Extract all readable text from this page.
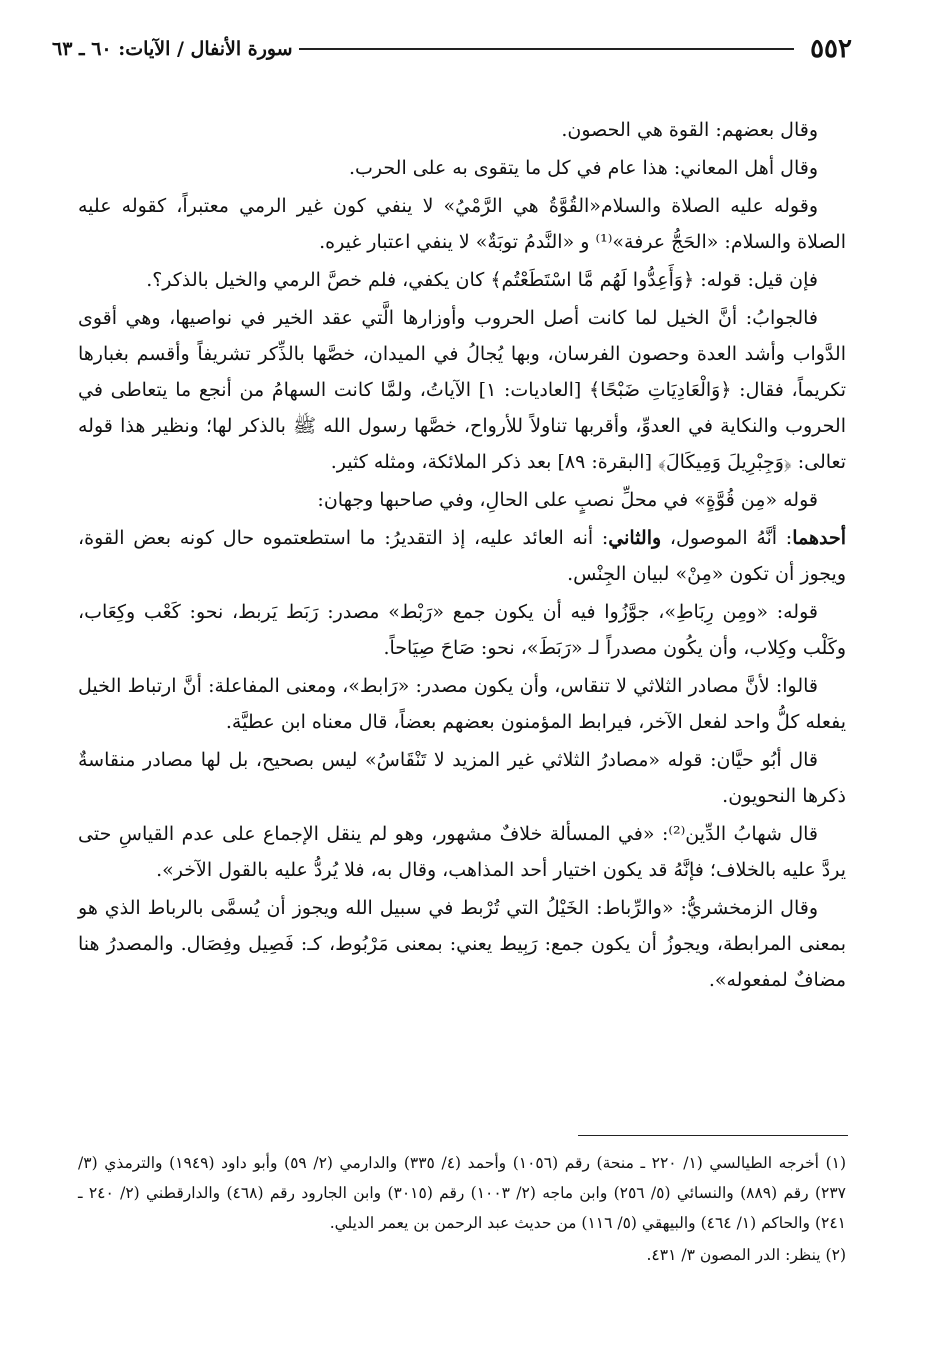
٥٥٢
سورة الأنفال / الآيات: ٦٠ ـ ٦٣

وقال بعضهم: القوة هي الحصون.

وقال أهل المعاني: هذا عام في كل ما يتقوى به على الحرب.

وقوله عليه الصلاة والسلام«القُوَّةُ هي الرَّمْيُ» لا ينفي كون غير الرمي معتبراً، كقوله عليه الصلاة والسلام: «الحَجُّ عرفة»⁽¹⁾ و «النَّدمُ توبَةٌ» لا ينفي اعتبار غيره.

فإن قيل: قوله: ﴿وَأَعِدُّوا لَهُم مَّا اسْتَطَعْتُم﴾ كان يكفي، فلم خصَّ الرمي والخيل بالذكر؟.

فالجوابُ: أنَّ الخيل لما كانت أصل الحروب وأوزارها الَّتي عقد الخير في نواصيها، وهي أقوى الدَّواب وأشد العدة وحصون الفرسان، وبها يُجالُ في الميدان، خصَّها بالذِّكر تشريفاً وأقسم بغبارها تكريماً، فقال: ﴿وَالْعَادِيَاتِ ضَبْحًا﴾ [العاديات: ١] الآياتُ، ولمَّا كانت السهامُ من أنجع ما يتعاطى في الحروب والنكاية في العدوِّ، وأقربها تناولاً للأرواح، خصَّها رسول الله ﷺ بالذكر لها؛ ونظير هذا قوله تعالى: ﴿وَجِبْرِيلَ وَمِيكَالَ﴾ [البقرة: ٨٩] بعد ذكر الملائكة، ومثله كثير.

قوله «مِن قُوَّةٍ» في محلِّ نصبٍ على الحالِ، وفي صاحبها وجهان:

أحدهما: أنَّهُ الموصول، والثاني: أنه العائد عليه، إذ التقديرُ: ما استطعتموه حال كونه بعض القوة، ويجوز أن تكون «مِنْ» لبيان الجِنْس.

قوله: «ومِن رِبَاطِ»، جوَّزُوا فيه أن يكون جمع «رَبْط» مصدر: رَبَط يَربط، نحو: كَعْب وكِعَاب، وكَلْب وكِلاب، وأن يكُون مصدراً لـ «رَبَطَ»، نحو: صَاحَ صِيَاحاً.

قالوا: لأنَّ مصادر الثلاثي لا تنقاس، وأن يكون مصدر: «رَابط»، ومعنى المفاعلة: أنَّ ارتباط الخيل يفعله كلُّ واحد لفعل الآخر، فيرابط المؤمنون بعضهم بعضاً، قال معناه ابن عطيَّة.

قال أبُو حيَّان: قوله «مصادرُ الثلاثي غير المزيد لا تَنْقَاسُ» ليس بصحيح، بل لها مصادر منقاسةٌ ذكرها النحويون.

قال شهابُ الدِّين⁽²⁾: «في المسألة خلافٌ مشهور، وهو لم ينقل الإجماع على عدم القياسِ حتى يردَّ عليه بالخلاف؛ فإنَّهُ قد يكون اختيار أحد المذاهب، وقال به، فلا يُردُّ عليه بالقول الآخر».

وقال الزمخشريُّ: «والرِّباط: الخَيْلُ التي تُرْبط في سبيل الله ويجوز أن يُسمَّى بالرباط الذي هو بمعنى المرابطة، ويجوزُ أن يكون جمع: رَبِيط يعني: بمعنى مَرْبُوط، كـ: فَصِيل وفِصَال. والمصدرُ هنا مضافٌ لمفعوله».

(١) أخرجه الطيالسي (١/ ٢٢٠ ـ منحة) رقم (١٠٥٦) وأحمد (٤/ ٣٣٥) والدارمي (٢/ ٥٩) وأبو داود (١٩٤٩) والترمذي (٣/ ٢٣٧) رقم (٨٨٩) والنسائي (٥/ ٢٥٦) وابن ماجه (٢/ ١٠٠٣) رقم (٣٠١٥) وابن الجارود رقم (٤٦٨) والدارقطني (٢/ ٢٤٠ ـ ٢٤١) والحاكم (١/ ٤٦٤) والبيهقي (٥/ ١١٦) من حديث عبد الرحمن بن يعمر الديلي.

(٢) ينظر: الدر المصون ٣/ ٤٣١.
